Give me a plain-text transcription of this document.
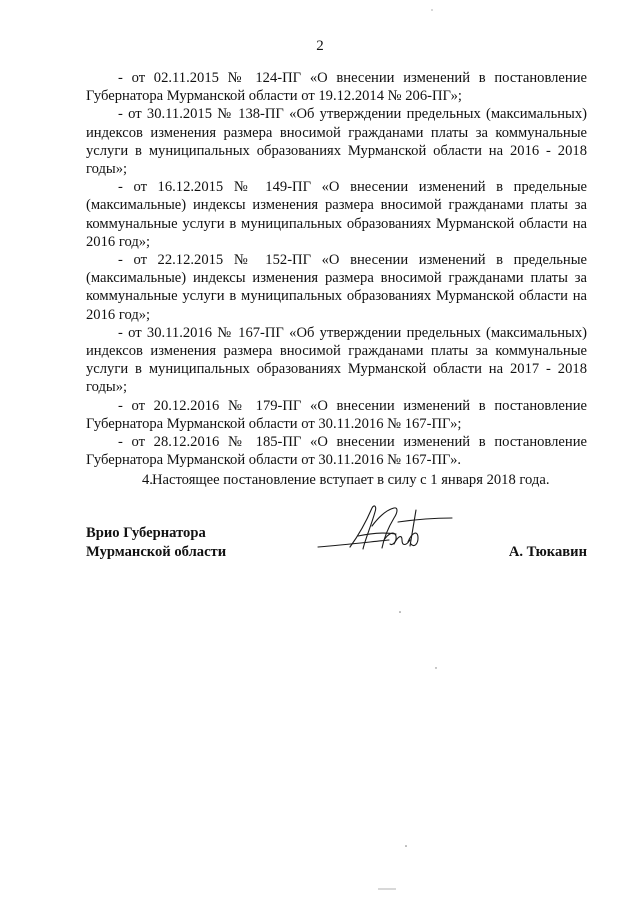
2

- от 02.11.2015 № 124-ПГ «О внесении изменений в постановление Губернатора Мурманской области от 19.12.2014 № 206-ПГ»;

- от 30.11.2015 № 138-ПГ «Об утверждении предельных (максимальных) индексов изменения размера вносимой гражданами платы за коммунальные услуги в муниципальных образованиях Мурманской области на 2016 - 2018 годы»;

- от 16.12.2015 № 149-ПГ «О внесении изменений в предельные (максимальные) индексы изменения размера вносимой гражданами платы за коммунальные услуги в муниципальных образованиях Мурманской области на 2016 год»;

- от 22.12.2015 № 152-ПГ «О внесении изменений в предельные (максимальные) индексы изменения размера вносимой гражданами платы за коммунальные услуги в муниципальных образованиях Мурманской области на 2016 год»;

- от 30.11.2016 № 167-ПГ «Об утверждении предельных (максимальных) индексов изменения размера вносимой гражданами платы за коммунальные услуги в муниципальных образованиях Мурманской области на 2017 - 2018 годы»;

- от 20.12.2016 № 179-ПГ «О внесении изменений в постановление Губернатора Мурманской области от 30.11.2016 № 167-ПГ»;

- от 28.12.2016 № 185-ПГ «О внесении изменений в постановление Губернатора Мурманской области от 30.11.2016 № 167-ПГ».

4.Настоящее постановление вступает в силу с 1 января 2018 года.

Врио Губернатора
Мурманской области	А. Тюкавин
